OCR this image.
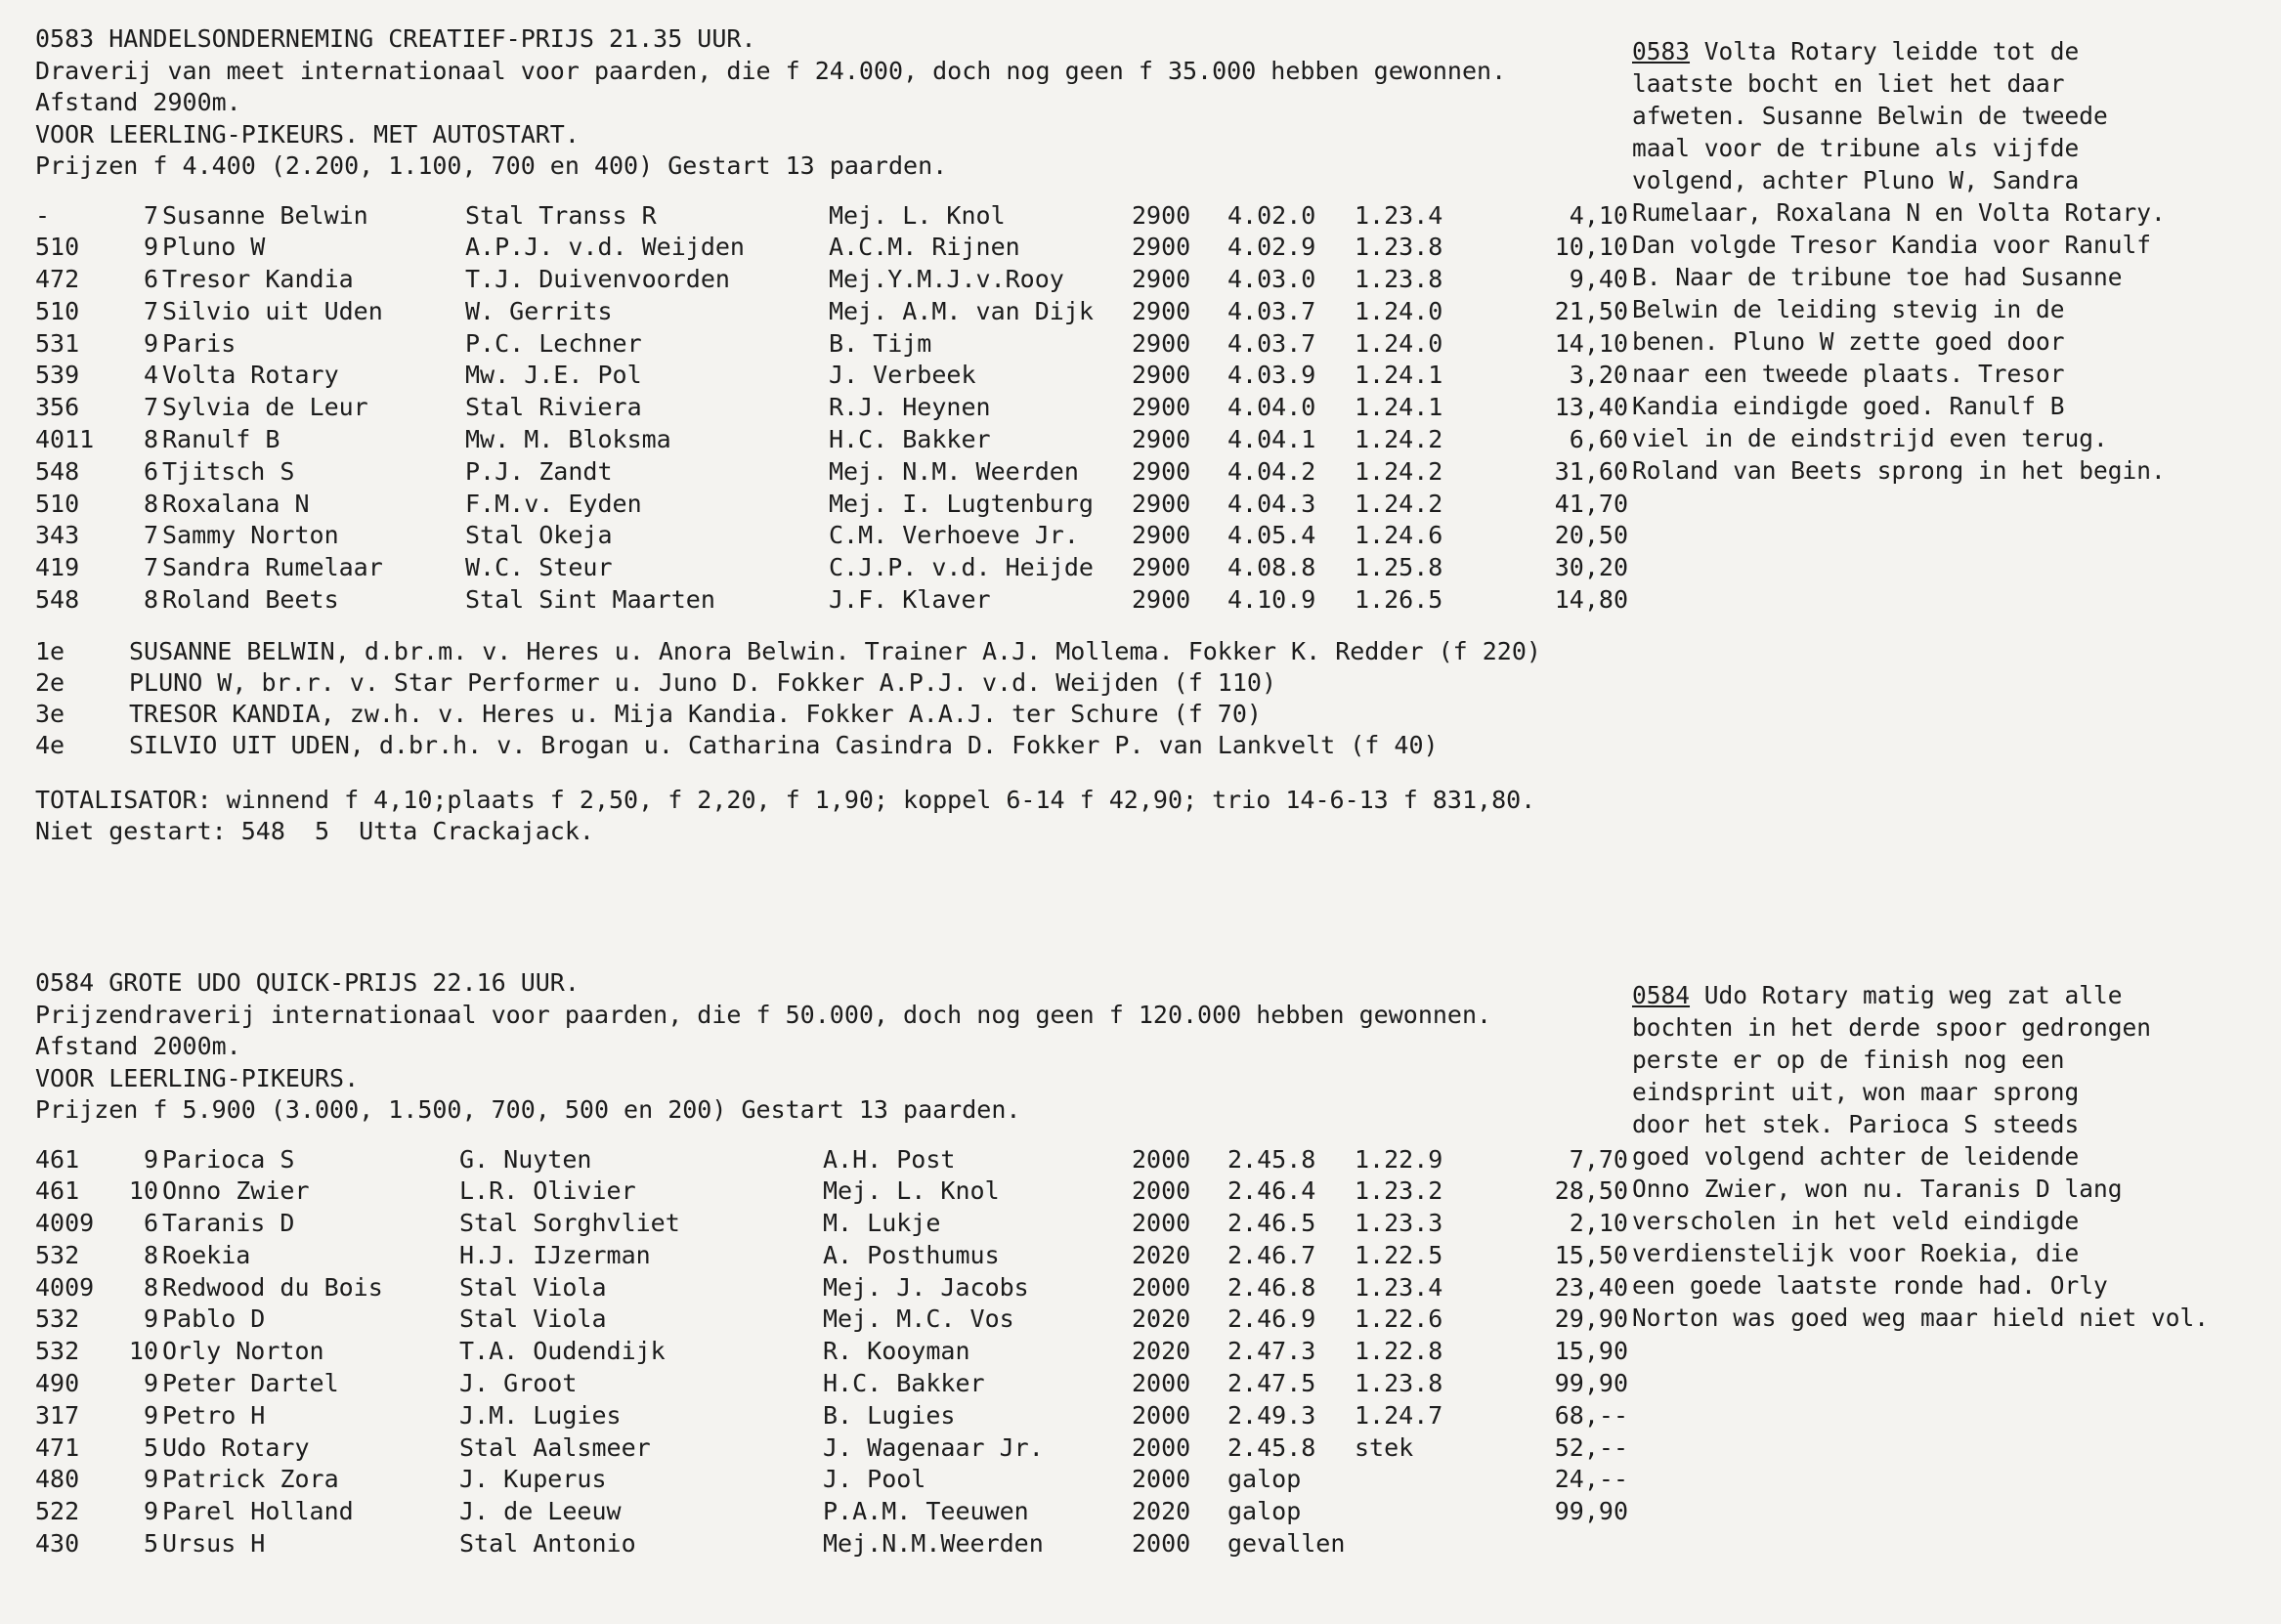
0583 HANDELSONDERNEMING CREATIEF-PRIJS 21.35 UUR.
Draverij van meet internationaal voor paarden, die f 24.000, doch nog geen f 35.000 hebben gewonnen.
Afstand 2900m.
VOOR LEERLING-PIKEURS. MET AUTOSTART.
Prijzen f 4.400 (2.200, 1.100, 700 en 400) Gestart 13 paarden.
-	7 Susanne Belwin	Stal Transs R	Mej. L. Knol	2900 4.02.0 1.23.4	4,10
510	9 Pluno W	A.P.J. v.d. Weijden	A.C.M. Rijnen	2900 4.02.9 1.23.8	10,10
472	6 Tresor Kandia	T.J. Duivenvoorden	Mej.Y.M.J.v.Rooy	2900 4.03.0 1.23.8	9,40
510	7 Silvio uit Uden	W. Gerrits	Mej. A.M. van Dijk 2900 4.03.7 1.24.0	21,50
531	9 Paris	P.C. Lechner	B. Tijm	2900 4.03.7 1.24.0	14,10
539	4 Volta Rotary	Mw. J.E. Pol	J. Verbeek	2900 4.03.9 1.24.1	3,20
356	7 Sylvia de Leur	Stal Riviera	R.J. Heynen	2900 4.04.0 1.24.1	13,40
4011	8 Ranulf B	Mw. M. Bloksma	H.C. Bakker	2900 4.04.1 1.24.2	6,60
548	6 Tjitsch S	P.J. Zandt	Mej. N.M. Weerden 2900 4.04.2 1.24.2	31,60
510	8 Roxalana N	F.M.v. Eyden	Mej. I. Lugtenburg 2900 4.04.3 1.24.2	41,70
343	7 Sammy Norton	Stal Okeja	C.M. Verhoeve Jr. 2900 4.05.4 1.24.6	20,50
419	7 Sandra Rumelaar	W.C. Steur	C.J.P. v.d. Heijde 2900 4.08.8 1.25.8	30,20
548	8 Roland Beets	Stal Sint Maarten	J.F. Klaver	2900 4.10.9 1.26.5	14,80
1e	SUSANNE BELWIN, d.br.m. v. Heres u. Anora Belwin. Trainer A.J. Mollema. Fokker K. Redder (f 220)
2e	PLUNO W, br.r. v. Star Performer u. Juno D. Fokker A.P.J. v.d. Weijden (f 110)
3e	TRESOR KANDIA, zw.h. v. Heres u. Mija Kandia. Fokker A.A.J. ter Schure (f 70)
4e	SILVIO UIT UDEN, d.br.h. v. Brogan u. Catharina Casindra D. Fokker P. van Lankvelt (f 40)
TOTALISATOR: winnend f 4,10;plaats f 2,50, f 2,20, f 1,90; koppel 6-14 f 42,90; trio 14-6-13 f 831,80.
Niet gestart: 548  5  Utta Crackajack.
0583 Volta Rotary leidde tot de
laatste bocht en liet het daar
afweten. Susanne Belwin de tweede
maal voor de tribune als vijfde
volgend, achter Pluno W, Sandra
Rumelaar, Roxalana N en Volta Rotary.
Dan volgde Tresor Kandia voor Ranulf
B. Naar de tribune toe had Susanne
Belwin de leiding stevig in de
benen. Pluno W zette goed door
naar een tweede plaats. Tresor
Kandia eindigde goed. Ranulf B
viel in de eindstrijd even terug.
Roland van Beets sprong in het begin.
0584 GROTE UDO QUICK-PRIJS 22.16 UUR.
Prijzendraverij internationaal voor paarden, die f 50.000, doch nog geen f 120.000 hebben gewonnen.
Afstand 2000m.
VOOR LEERLING-PIKEURS.
Prijzen f 5.900 (3.000, 1.500, 700, 500 en 200) Gestart 13 paarden.
461	9 Parioca S	G. Nuyten	A.H. Post	2000 2.45.8 1.22.9	7,70
461	10 Onno Zwier	L.R. Olivier	Mej. L. Knol	2000 2.46.4 1.23.2	28,50
4009	6 Taranis D	Stal Sorghvliet	M. Lukje	2000 2.46.5 1.23.3	2,10
532	8 Roekia	H.J. IJzerman	A. Posthumus	2020 2.46.7 1.22.5	15,50
4009	8 Redwood du Bois	Stal Viola	Mej. J. Jacobs	2000 2.46.8 1.23.4	23,40
532	9 Pablo D	Stal Viola	Mej. M.C. Vos	2020 2.46.9 1.22.6	29,90
532	10 Orly Norton	T.A. Oudendijk	R. Kooyman	2020 2.47.3 1.22.8	15,90
490	9 Peter Dartel	J. Groot	H.C. Bakker	2000 2.47.5 1.23.8	99,90
317	9 Petro H	J.M. Lugies	B. Lugies	2000 2.49.3 1.24.7	68,--
471	5 Udo Rotary	Stal Aalsmeer	J. Wagenaar Jr.	2000 2.45.8 stek	52,--
480	9 Patrick Zora	J. Kuperus	J. Pool	2000 galop	24,--
522	9 Parel Holland	J. de Leeuw	P.A.M. Teeuwen	2020 galop	99,90
430	5 Ursus H	Stal Antonio	Mej.N.M.Weerden	2000 gevallen
0584 Udo Rotary matig weg zat alle
bochten in het derde spoor gedrongen
perste er op de finish nog een
eindsprint uit, won maar sprong
door het stek. Parioca S steeds
goed volgend achter de leidende
Onno Zwier, won nu. Taranis D lang
verscholen in het veld eindigde
verdienstelijk voor Roekia, die
een goede laatste ronde had. Orly
Norton was goed weg maar hield niet vol.
